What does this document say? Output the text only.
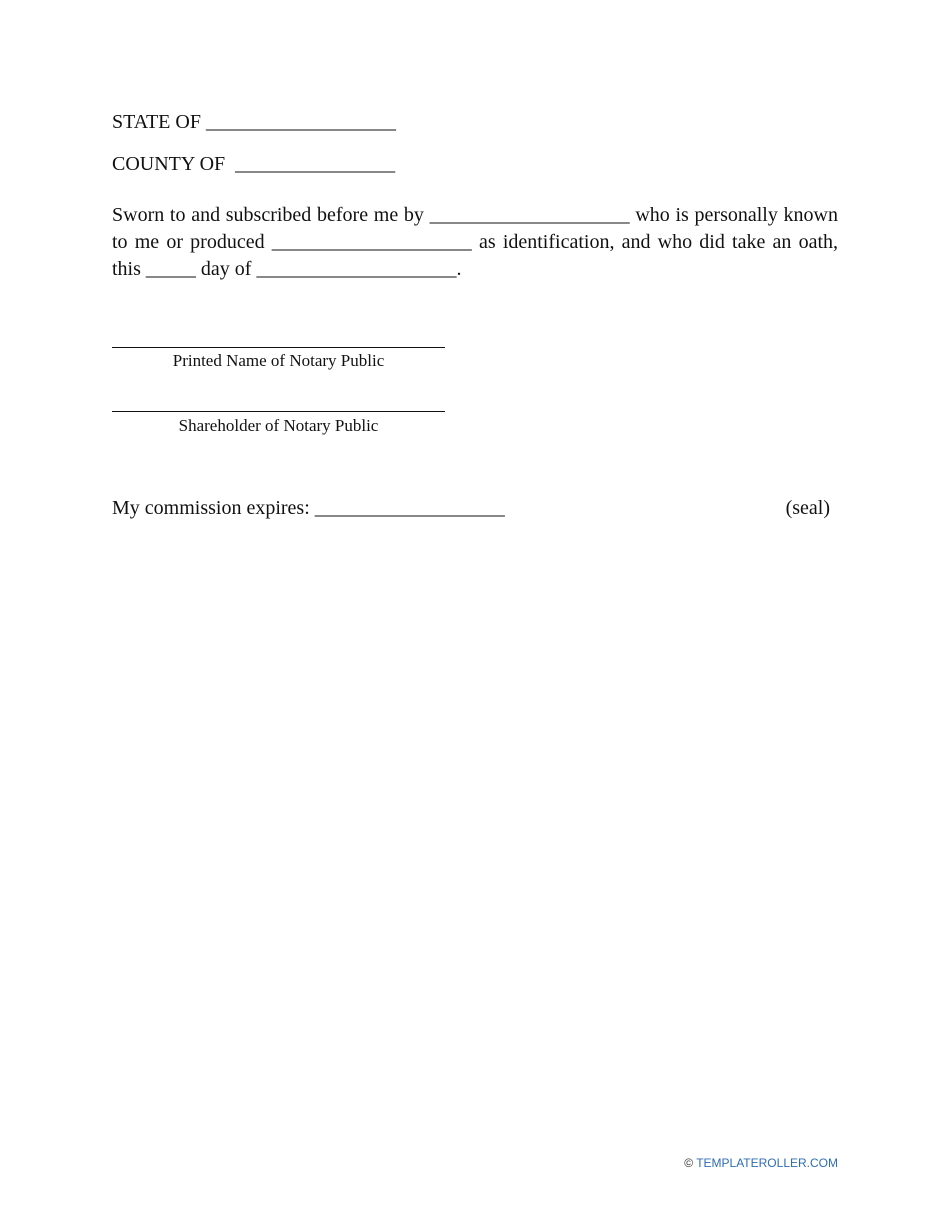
STATE OF ___________________
COUNTY OF ________________
Sworn to and subscribed before me by ____________________ who is personally known
to me or produced ____________________ as identification, and who did take an oath,
this _____ day of ____________________.
Printed Name of Notary Public
Shareholder of Notary Public
My commission expires: ___________________	(seal)
© TEMPLATEROLLER.COM
